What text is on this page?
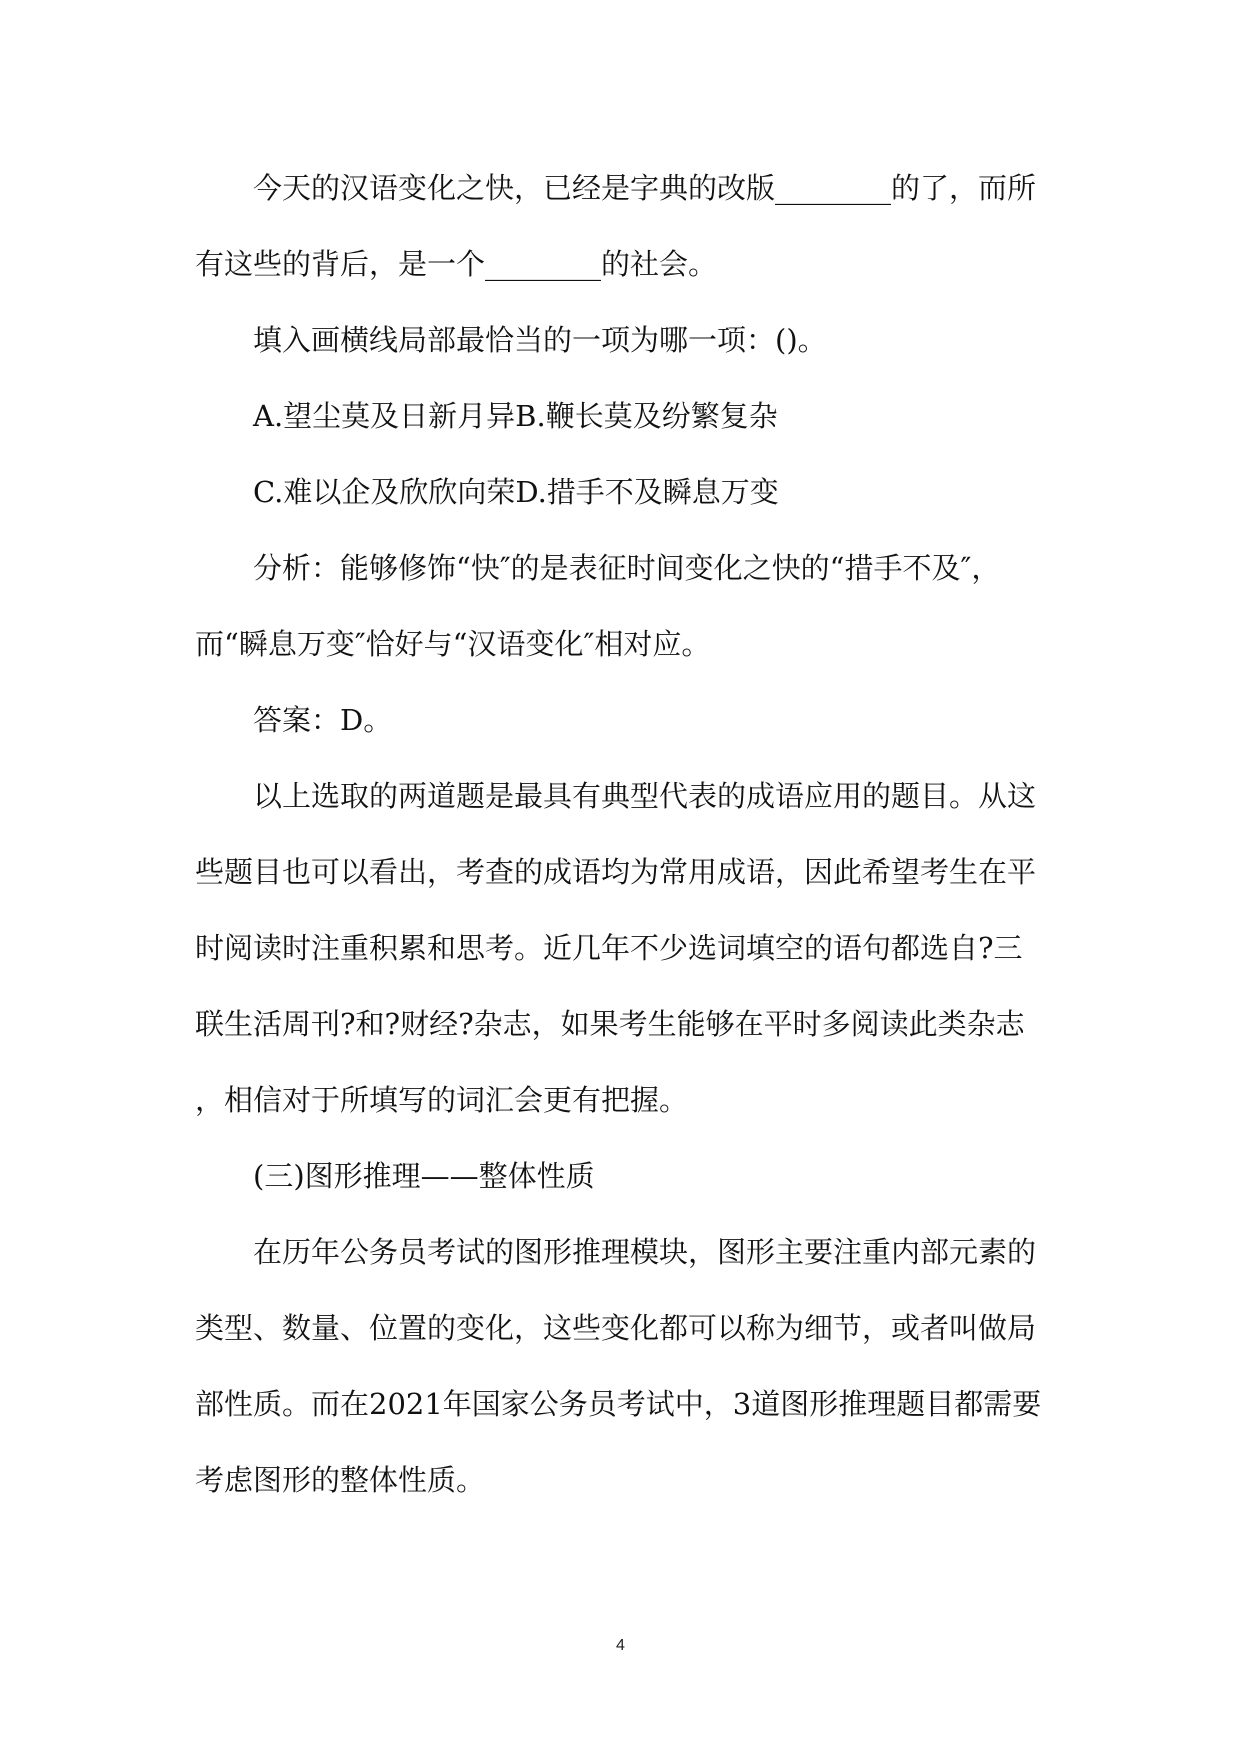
今天的汉语变化之快，已经是字典的改版________的了，而所
有这些的背后，是一个________的社会。

填入画横线局部最恰当的一项为哪一项：()。

A.望尘莫及日新月异B.鞭长莫及纷繁复杂

C.难以企及欣欣向荣D.措手不及瞬息万变

分析：能够修饰“快″的是表征时间变化之快的“措手不及″，
而“瞬息万变″恰好与“汉语变化″相对应。

答案：D。

以上选取的两道题是最具有典型代表的成语应用的题目。从这
些题目也可以看出，考查的成语均为常用成语，因此希望考生在平
时阅读时注重积累和思考。近几年不少选词填空的语句都选自?三
联生活周刊?和?财经?杂志，如果考生能够在平时多阅读此类杂志
，相信对于所填写的词汇会更有把握。

(三)图形推理——整体性质

在历年公务员考试的图形推理模块，图形主要注重内部元素的
类型、数量、位置的变化，这些变化都可以称为细节，或者叫做局
部性质。而在2021年国家公务员考试中，3道图形推理题目都需要
考虑图形的整体性质。

4
